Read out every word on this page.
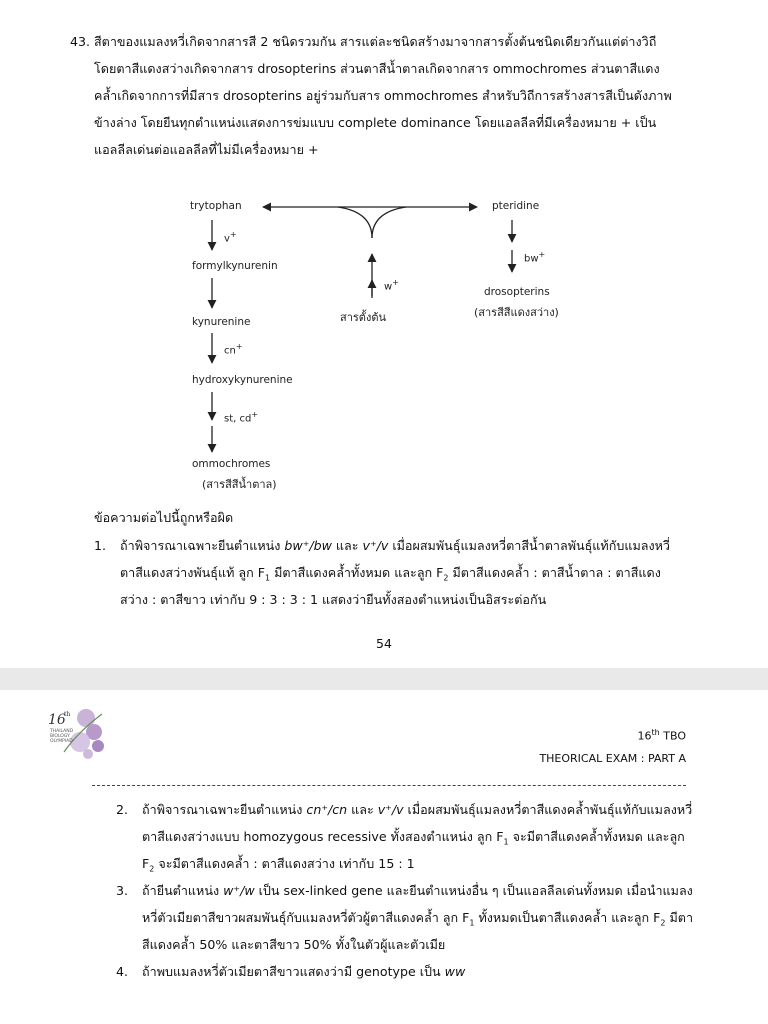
43. สีตาของแมลงหวี่เกิดจากสารสี 2 ชนิดรวมกัน สารแต่ละชนิดสร้างมาจากสารตั้งต้นชนิดเดียวกันแต่ต่างวิถี
โดยตาสีแดงสว่างเกิดจากสาร drosopterins ส่วนตาสีน้ำตาลเกิดจากสาร ommochromes ส่วนตาสีแดง
คล้ำเกิดจากการที่มีสาร drosopterins อยู่ร่วมกับสาร ommochromes สำหรับวิถีการสร้างสารสีเป็นดังภาพ
ข้างล่าง โดยยีนทุกตำแหน่งแสดงการข่มแบบ complete dominance โดยแอลลีลที่มีเครื่องหมาย + เป็น
แอลลีลเด่นต่อแอลลีลที่ไม่มีเครื่องหมาย +
trytophan
v+
formylkynurenin
kynurenine
cn+
hydroxykynurenine
st, cd+
ommochromes
(สารสีสีน้ำตาล)
pteridine
bw+
drosopterins
(สารสีสีแดงสว่าง)
w+
สารตั้งต้น
ข้อความต่อไปนี้ถูกหรือผิด
1. ถ้าพิจารณาเฉพาะยีนตำแหน่ง bw⁺/bw และ v⁺/v เมื่อผสมพันธุ์แมลงหวี่ตาสีน้ำตาลพันธุ์แท้กับแมลงหวี่
ตาสีแดงสว่างพันธุ์แท้ ลูก $F_1$ มีตาสีแดงคล้ำทั้งหมด และลูก $F_2$ มีตาสีแดงคล้ำ : ตาสีน้ำตาล : ตาสีแดง
สว่าง : ตาสีขาว เท่ากับ 9 : 3 : 3 : 1 แสดงว่ายีนทั้งสองตำแหน่งเป็นอิสระต่อกัน
54
16
th
THAILAND
BIOLOGY
OLYMPIAD	16th TBO
THEORICAL EXAM : PART A
2. ถ้าพิจารณาเฉพาะยีนตำแหน่ง cn⁺/cn และ v⁺/v เมื่อผสมพันธุ์แมลงหวี่ตาสีแดงคล้ำพันธุ์แท้กับแมลงหวี่
ตาสีแดงสว่างแบบ homozygous recessive ทั้งสองตำแหน่ง ลูก $F_1$ จะมีตาสีแดงคล้ำทั้งหมด และลูก
$F_2$ จะมีตาสีแดงคล้ำ : ตาสีแดงสว่าง เท่ากับ 15 : 1
3. ถ้ายีนตำแหน่ง w⁺/w เป็น sex-linked gene และยีนตำแหน่งอื่น ๆ เป็นแอลลีลเด่นทั้งหมด เมื่อนำแมลง
หวี่ตัวเมียตาสีขาวผสมพันธุ์กับแมลงหวี่ตัวผู้ตาสีแดงคล้ำ ลูก $F_1$ ทั้งหมดเป็นตาสีแดงคล้ำ และลูก $F_2$ มีตา
สีแดงคล้ำ 50% และตาสีขาว 50% ทั้งในตัวผู้และตัวเมีย
4. ถ้าพบแมลงหวี่ตัวเมียตาสีขาวแสดงว่ามี genotype เป็น ww
